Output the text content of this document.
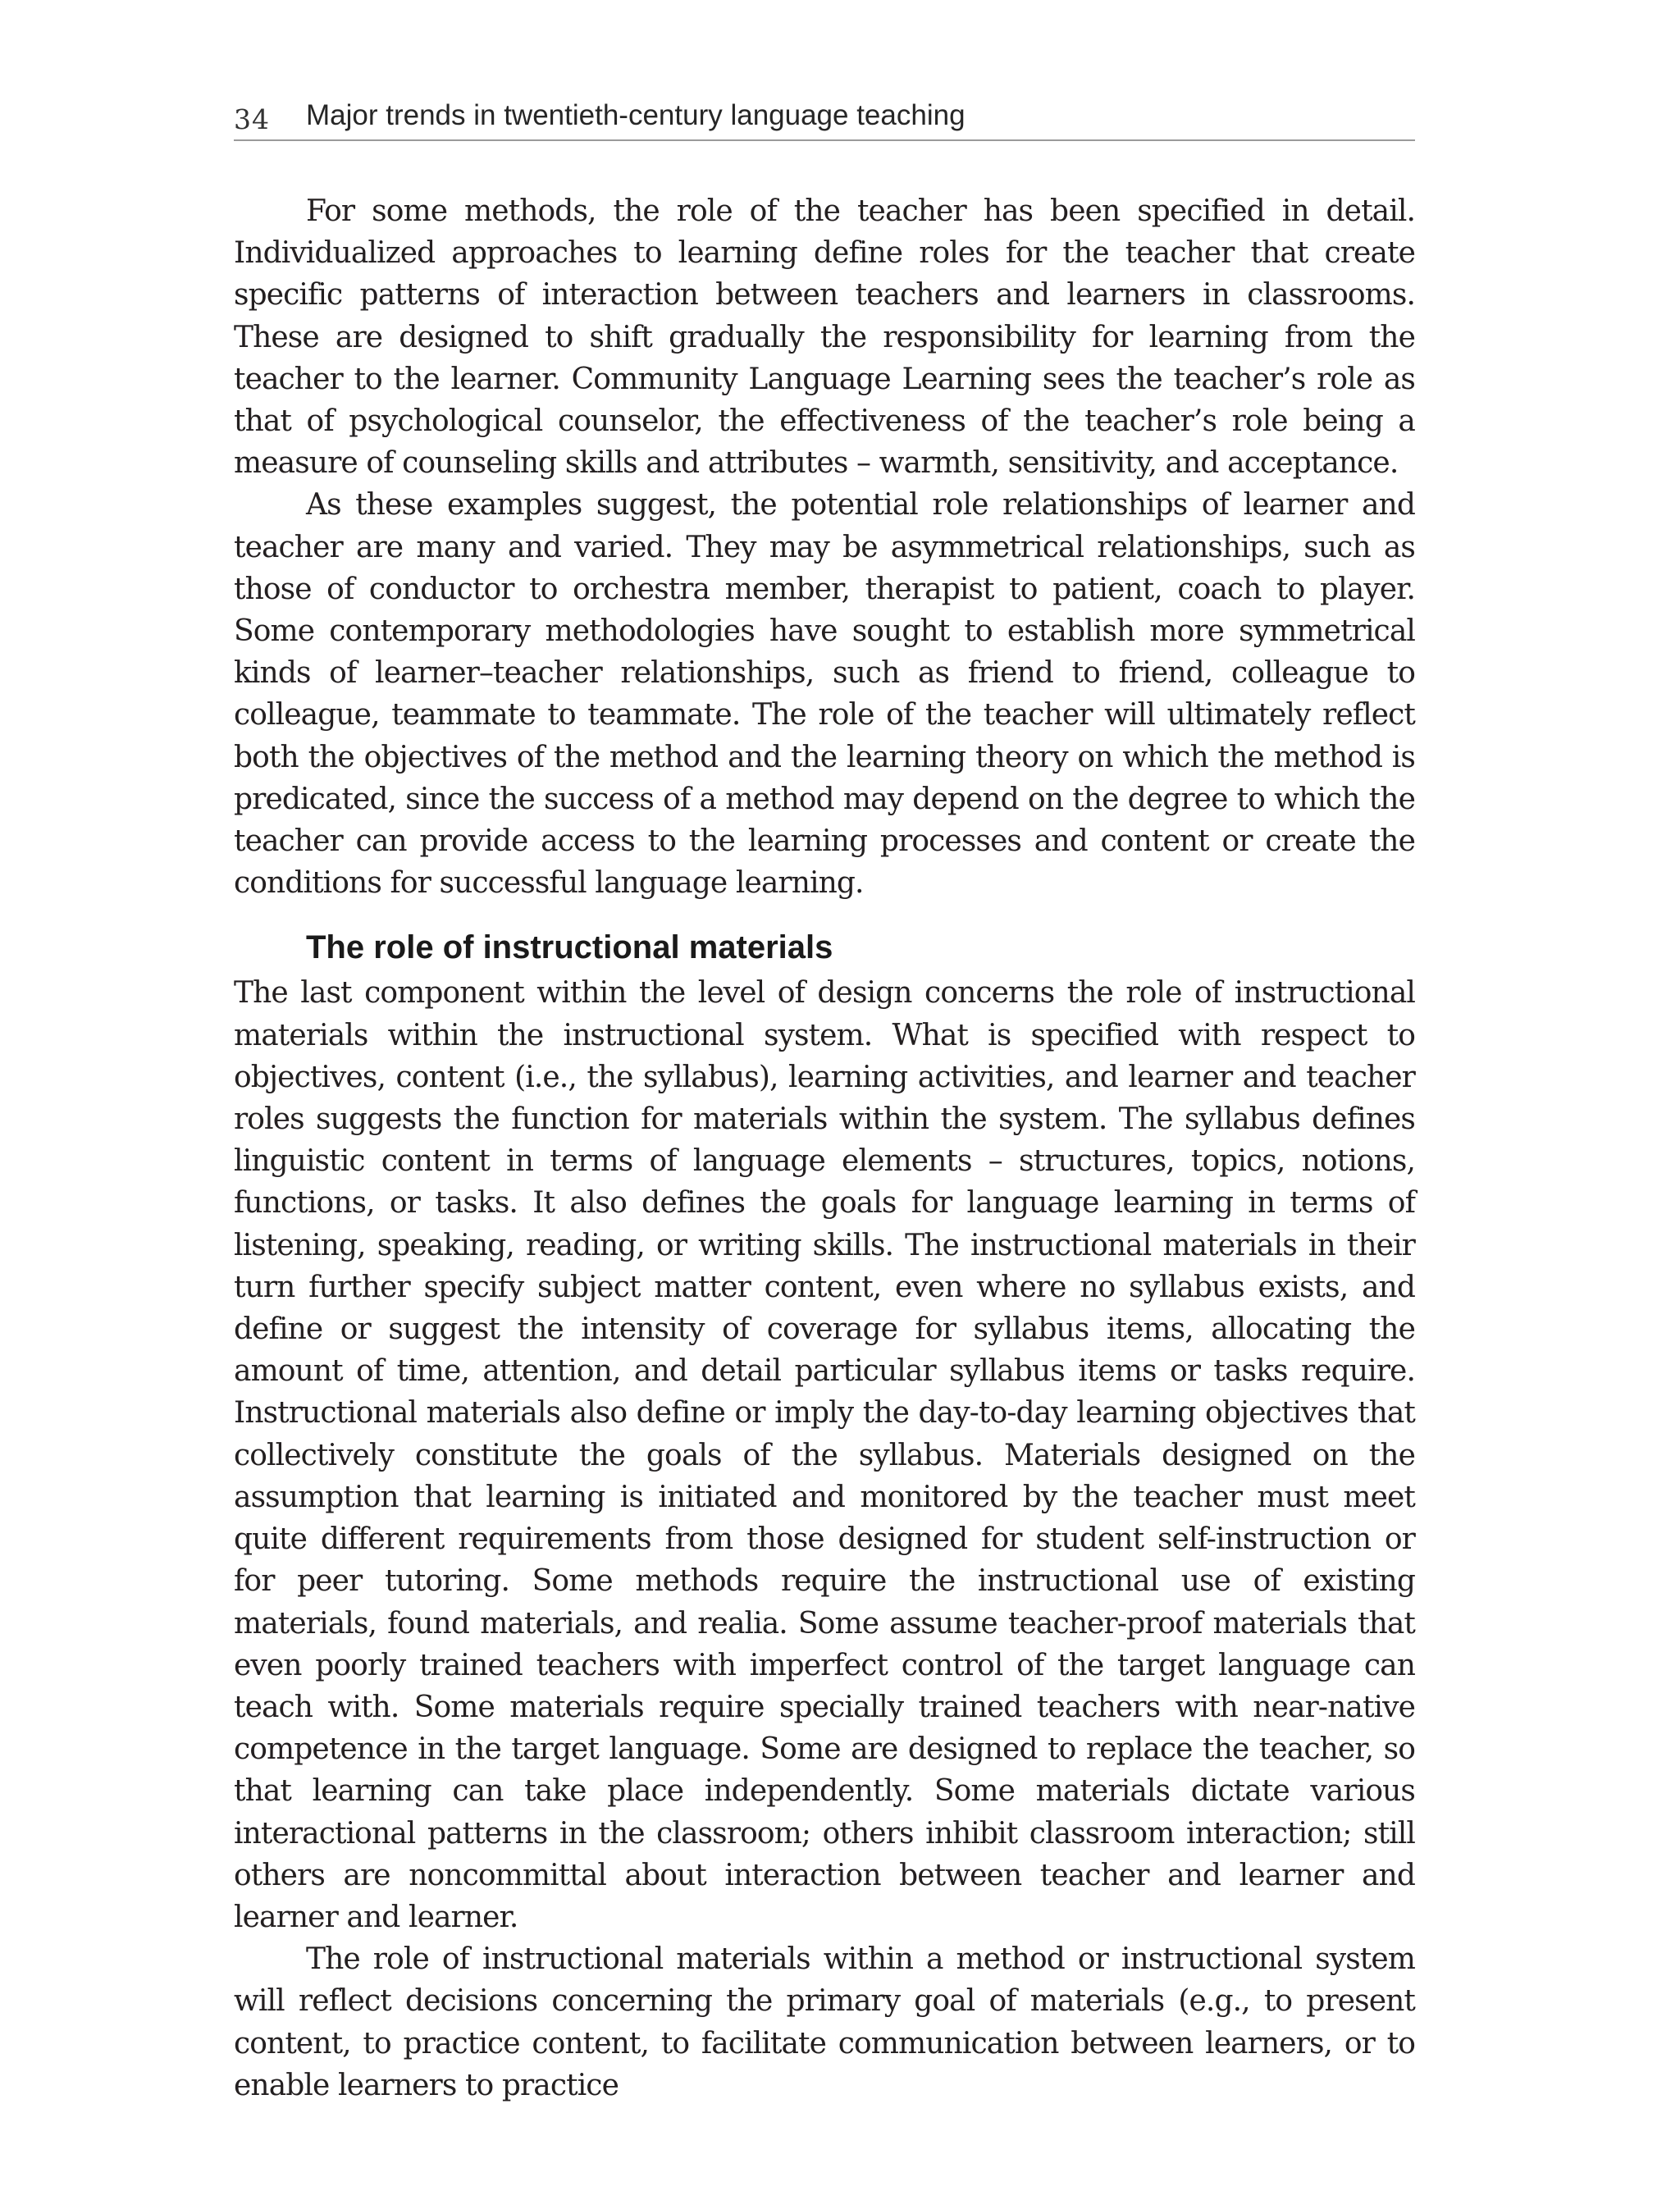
34 Major trends in twentieth-century language teaching

For some methods, the role of the teacher has been specified in detail. Individualized approaches to learning define roles for the teacher that create specific patterns of interaction between teachers and learners in classrooms. These are designed to shift gradually the responsibility for learning from the teacher to the learner. Community Language Learning sees the teacher’s role as that of psychological counselor, the effectiveness of the teacher’s role being a measure of counseling skills and attributes – warmth, sensitivity, and acceptance.

As these examples suggest, the potential role relationships of learner and teacher are many and varied. They may be asymmetrical relationships, such as those of conductor to orchestra member, therapist to patient, coach to player. Some contemporary methodologies have sought to establish more symmetrical kinds of learner–teacher relationships, such as friend to friend, colleague to colleague, teammate to teammate. The role of the teacher will ultimately reflect both the objectives of the method and the learning theory on which the method is predicated, since the success of a method may depend on the degree to which the teacher can provide access to the learning processes and content or create the conditions for successful language learning.

The role of instructional materials

The last component within the level of design concerns the role of instructional materials within the instructional system. What is specified with respect to objectives, content (i.e., the syllabus), learning activities, and learner and teacher roles suggests the function for materials within the system. The syllabus defines linguistic content in terms of language elements – structures, topics, notions, functions, or tasks. It also defines the goals for language learning in terms of listening, speaking, reading, or writing skills. The instructional materials in their turn further specify subject matter content, even where no syllabus exists, and define or suggest the intensity of coverage for syllabus items, allocating the amount of time, attention, and detail particular syllabus items or tasks require. Instructional materials also define or imply the day-to-day learning objectives that collectively constitute the goals of the syllabus. Materials designed on the assumption that learning is initiated and monitored by the teacher must meet quite different requirements from those designed for student self-instruction or for peer tutoring. Some methods require the instructional use of existing materials, found materials, and realia. Some assume teacher-proof materials that even poorly trained teachers with imperfect control of the target language can teach with. Some materials require specially trained teachers with near-native competence in the target language. Some are designed to replace the teacher, so that learning can take place independently. Some materials dictate various interactional patterns in the classroom; others inhibit classroom interaction; still others are noncommittal about interaction between teacher and learner and learner and learner.

The role of instructional materials within a method or instructional system will reflect decisions concerning the primary goal of materials (e.g., to present content, to practice content, to facilitate communication between learners, or to enable learners to practice
